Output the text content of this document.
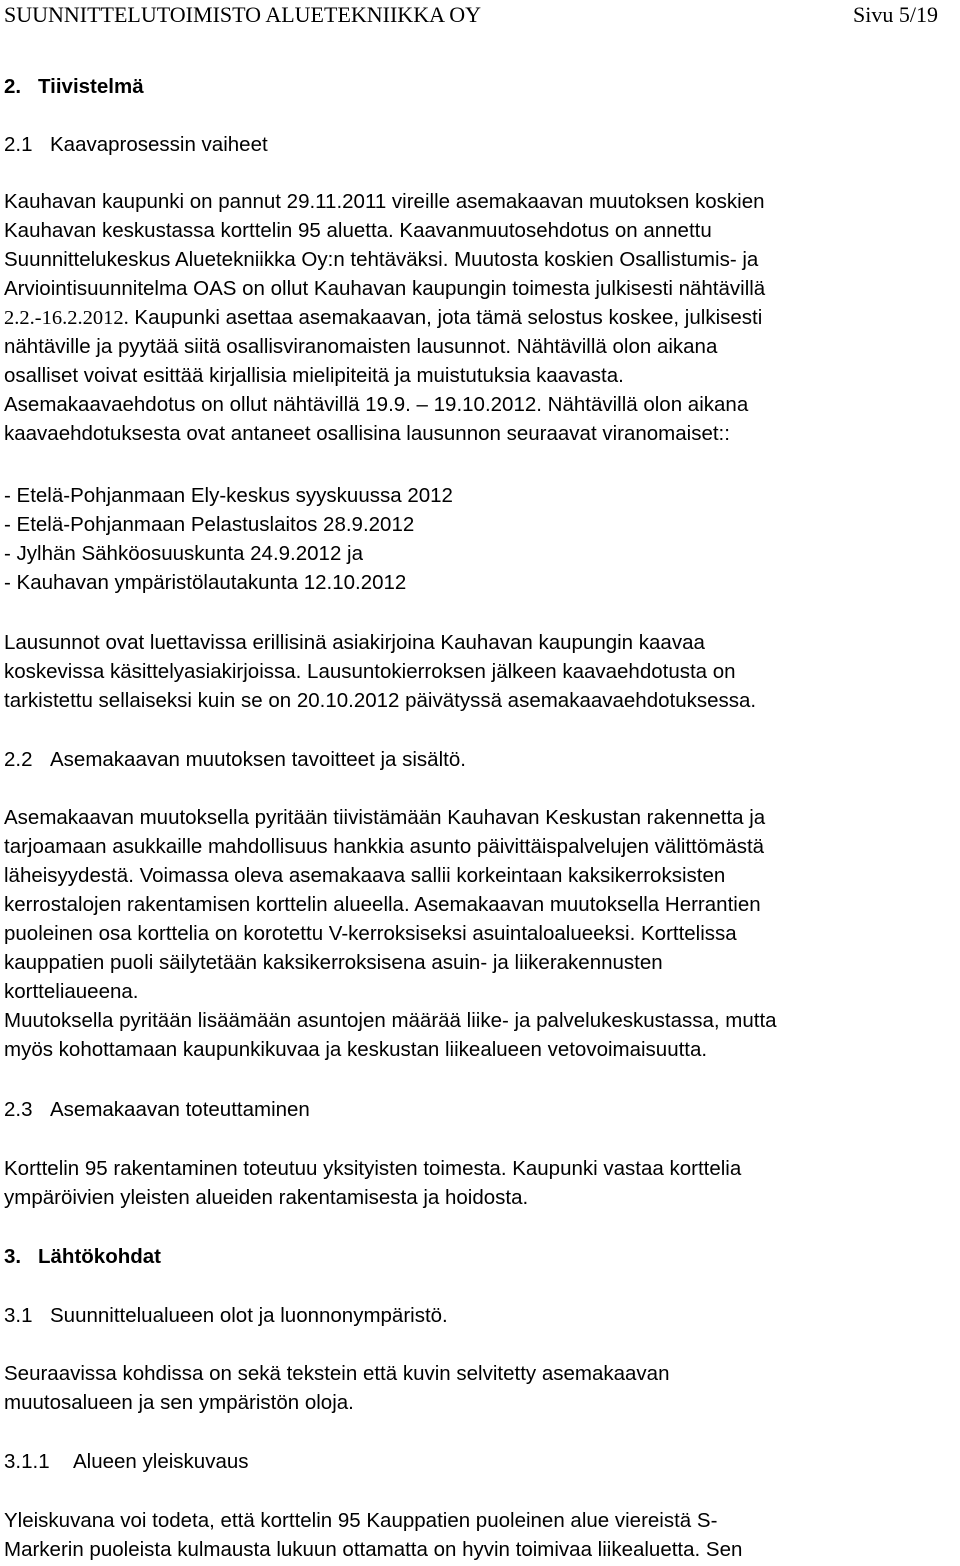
SUUNNITTELUTOIMISTO ALUETEKNIIKKA OY	Sivu 5/19
2. Tiivistelmä
2.1 Kaavaprosessin vaiheet
Kauhavan kaupunki on pannut 29.11.2011 vireille asemakaavan muutoksen koskien
Kauhavan keskustassa korttelin 95 aluetta. Kaavanmuutosehdotus on annettu
Suunnittelukeskus Aluetekniikka Oy:n tehtäväksi. Muutosta koskien Osallistumis- ja
Arviointisuunnitelma OAS on ollut Kauhavan kaupungin toimesta julkisesti nähtävillä
2.2.-16.2.2012. Kaupunki asettaa asemakaavan, jota tämä selostus koskee, julkisesti
nähtäville ja pyytää siitä osallisviranomaisten lausunnot. Nähtävillä olon aikana
osalliset voivat esittää kirjallisia mielipiteitä ja muistutuksia kaavasta.
Asemakaavaehdotus on ollut nähtävillä 19.9. – 19.10.2012. Nähtävillä olon aikana
kaavaehdotuksesta ovat antaneet osallisina lausunnon seuraavat viranomaiset::
- Etelä-Pohjanmaan Ely-keskus syyskuussa 2012
- Etelä-Pohjanmaan Pelastuslaitos 28.9.2012
- Jylhän Sähköosuuskunta 24.9.2012 ja
- Kauhavan ympäristölautakunta 12.10.2012
Lausunnot ovat luettavissa erillisinä asiakirjoina Kauhavan kaupungin kaavaa
koskevissa käsittelyasiakirjoissa. Lausuntokierroksen jälkeen kaavaehdotusta on
tarkistettu sellaiseksi kuin se on 20.10.2012 päivätyssä asemakaavaehdotuksessa.
2.2 Asemakaavan muutoksen tavoitteet ja sisältö.
Asemakaavan muutoksella pyritään tiivistämään Kauhavan Keskustan rakennetta ja
tarjoamaan asukkaille mahdollisuus hankkia asunto päivittäispalvelujen välittömästä
läheisyydestä. Voimassa oleva asemakaava sallii korkeintaan kaksikerroksisten
kerrostalojen rakentamisen korttelin alueella. Asemakaavan muutoksella Herrantien
puoleinen osa korttelia on korotettu V-kerroksiseksi asuintaloalueeksi. Korttelissa
kauppatien puoli säilytetään kaksikerroksisena asuin- ja liikerakennusten
kortteliaueena.
Muutoksella pyritään lisäämään asuntojen määrää liike- ja palvelukeskustassa, mutta
myös kohottamaan kaupunkikuvaa ja keskustan liikealueen vetovoimaisuutta.
2.3 Asemakaavan toteuttaminen
Korttelin 95 rakentaminen toteutuu yksityisten toimesta. Kaupunki vastaa korttelia
ympäröivien yleisten alueiden rakentamisesta ja hoidosta.
3. Lähtökohdat
3.1 Suunnittelualueen olot ja luonnonympäristö.
Seuraavissa kohdissa on sekä tekstein että kuvin selvitetty asemakaavan
muutosalueen ja sen ympäristön oloja.
3.1.1 Alueen yleiskuvaus
Yleiskuvana voi todeta, että korttelin 95 Kauppatien puoleinen alue viereistä S-
Markerin puoleista kulmausta lukuun ottamatta on hyvin toimivaa liikealuetta. Sen
